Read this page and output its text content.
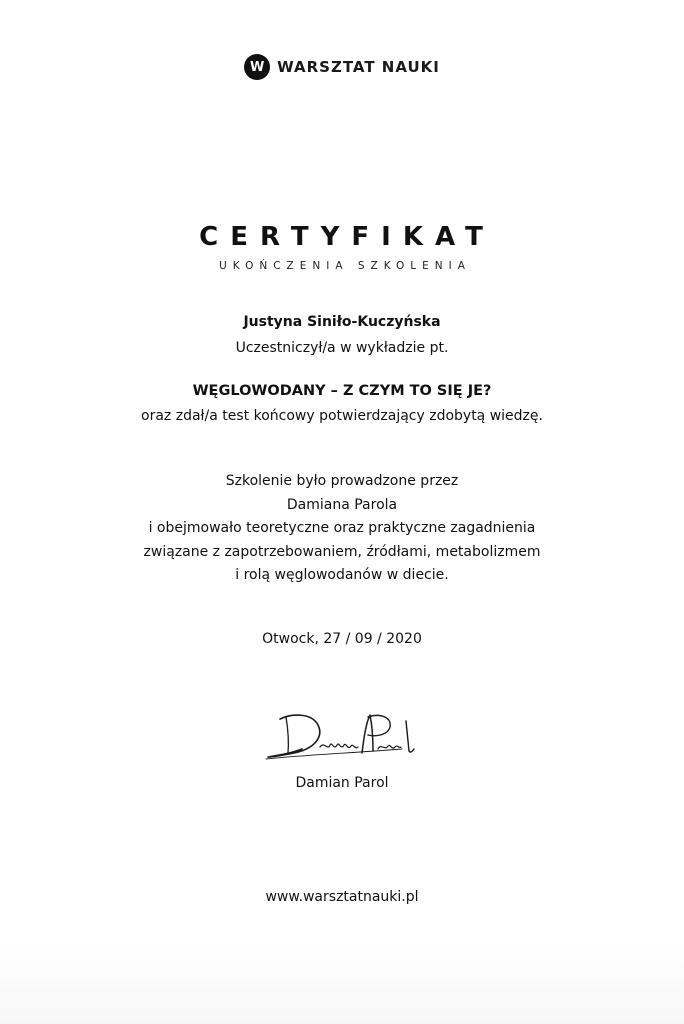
W WARSZTAT NAUKI
CERTYFIKAT
UKOŃCZENIA SZKOLENIA
Justyna Siniło-Kuczyńska
Uczestniczył/a w wykładzie pt.
WĘGLOWODANY – Z CZYM TO SIĘ JE?
oraz zdał/a test końcowy potwierdzający zdobytą wiedzę.
Szkolenie było prowadzone przez
Damiana Parola
i obejmowało teoretyczne oraz praktyczne zagadnienia
związane z zapotrzebowaniem, źródłami, metabolizmem
i rolą węglowodanów w diecie.
Otwock, 27 / 09 / 2020
Damian Parol
www.warsztatnauki.pl
